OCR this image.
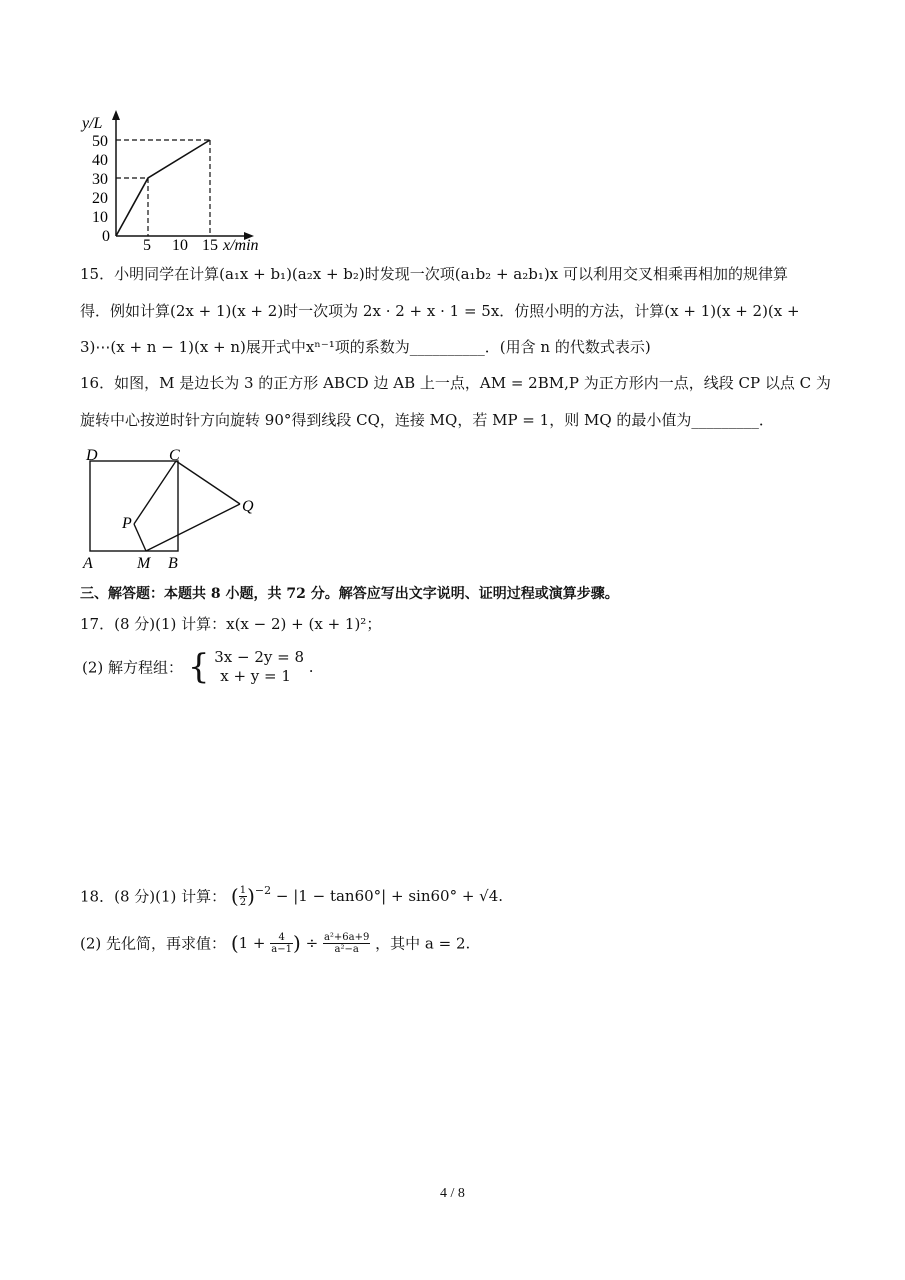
y/L
50
40
30
20
10
0
5 10 15 x/min
15．小明同学在计算(a₁x + b₁)(a₂x + b₂)时发现一次项(a₁b₂ + a₂b₁)x 可以利用交叉相乘再相加的规律算
得．例如计算(2x + 1)(x + 2)时一次项为 2x · 2 + x · 1 = 5x．仿照小明的方法，计算(x + 1)(x + 2)(x +
3)⋯(x + n − 1)(x + n)展开式中xⁿ⁻¹项的系数为__________．(用含 n 的代数式表示)
16．如图，M 是边长为 3 的正方形 ABCD 边 AB 上一点，AM = 2BM,P 为正方形内一点，线段 CP 以点 C 为
旋转中心按逆时针方向旋转 90°得到线段 CQ，连接 MQ，若 MP = 1，则 MQ 的最小值为_________．
D	C
P
Q
A	M B
三、解答题：本题共 8 小题，共 72 分。解答应写出文字说明、证明过程或演算步骤。
17．(8 分)(1) 计算：x(x − 2) + (x + 1)²；
(2) 解方程组： { 3x − 2y = 8
x + y = 1	.
18．(8 分)(1) 计算： ( $\frac{1}{2} )^{-2} - |1 - \tan 60^\circ| + \sin 60^\circ + √4$.
(2) 先化简，再求值： ($1 + \frac{4}{a-1}$ ) ÷ $\frac{\text{a²+6a+9}}{\text{a²−a}}$ ，其中 a = 2.
4 / 8
